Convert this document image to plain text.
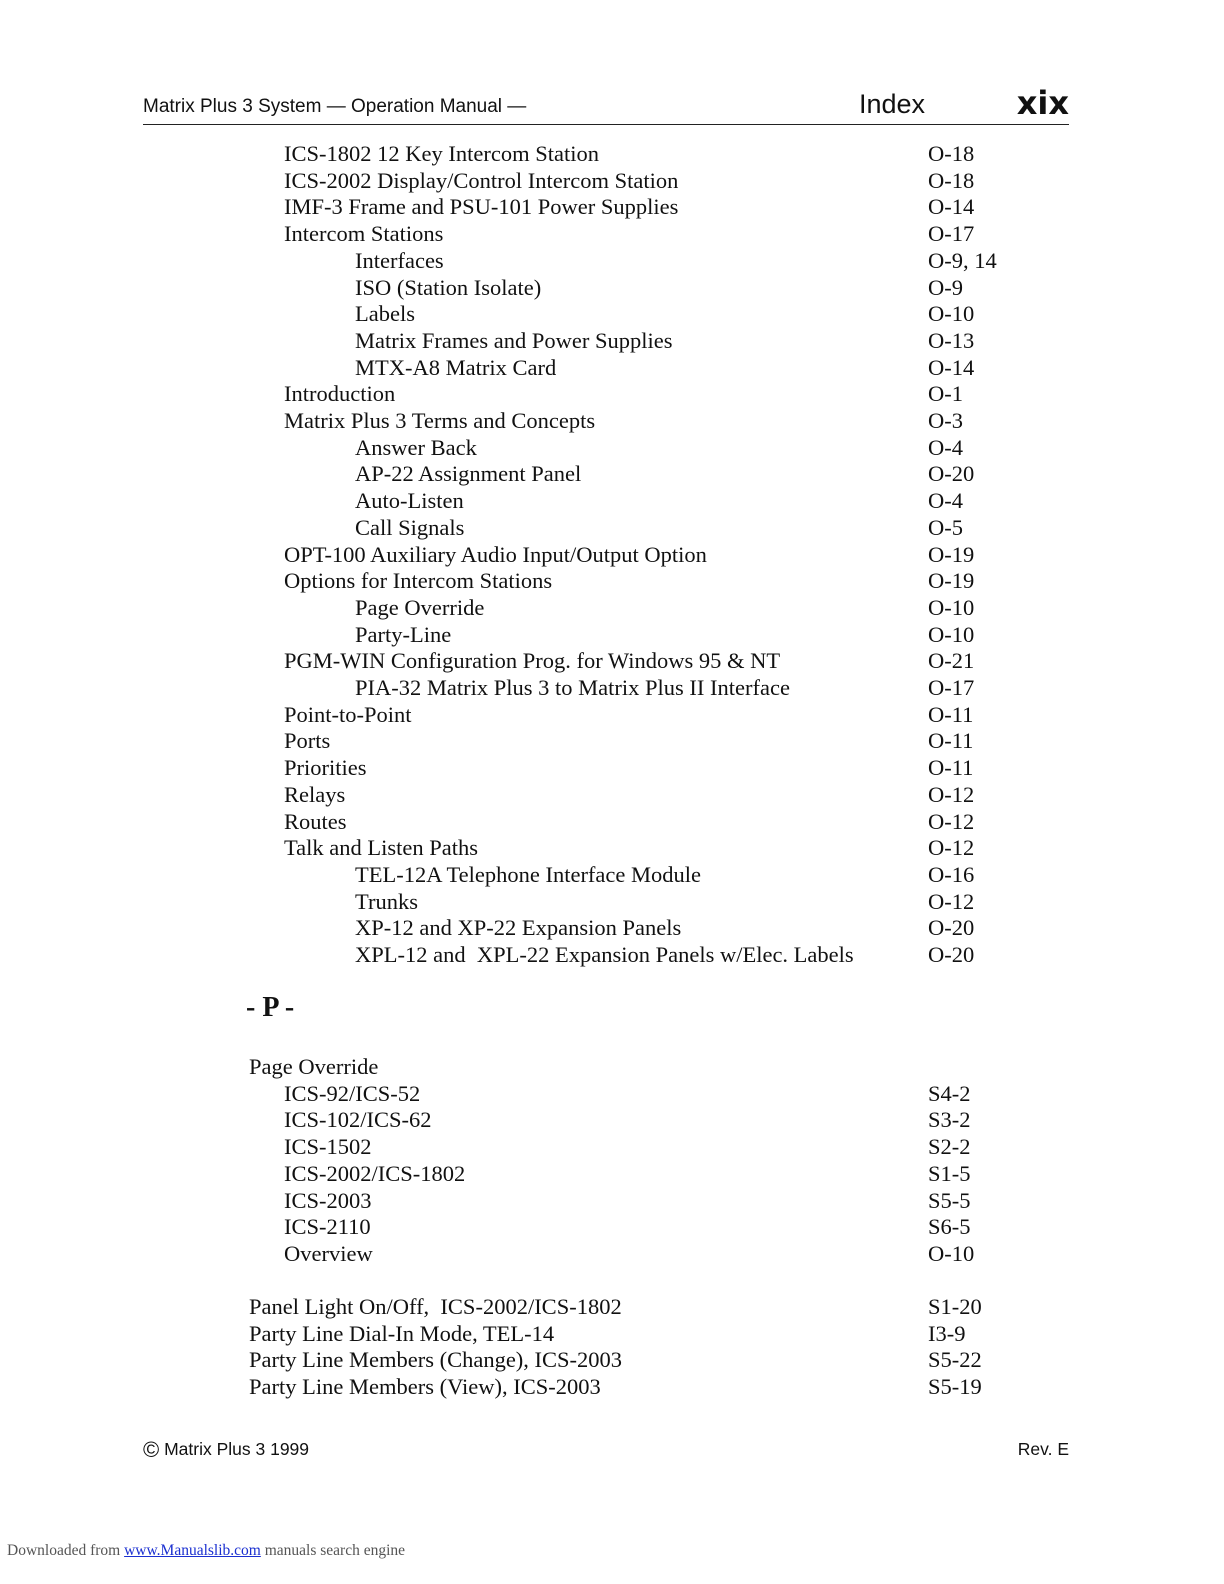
Matrix Plus 3 System — Operation Manual —	Index	xix
ICS-1802 12 Key Intercom Station	O-18
ICS-2002 Display/Control Intercom Station	O-18
IMF-3 Frame and PSU-101 Power Supplies	O-14
Intercom Stations	O-17
Interfaces	O-9, 14
ISO (Station Isolate)	O-9
Labels	O-10
Matrix Frames and Power Supplies	O-13
MTX-A8 Matrix Card	O-14
Introduction	O-1
Matrix Plus 3 Terms and Concepts	O-3
Answer Back	O-4
AP-22 Assignment Panel	O-20
Auto-Listen	O-4
Call Signals	O-5
OPT-100 Auxiliary Audio Input/Output Option	O-19
Options for Intercom Stations	O-19
Page Override	O-10
Party-Line	O-10
PGM-WIN Configuration Prog. for Windows 95 & NT	O-21
PIA-32 Matrix Plus 3 to Matrix Plus II Interface	O-17
Point-to-Point	O-11
Ports	O-11
Priorities	O-11
Relays	O-12
Routes	O-12
Talk and Listen Paths	O-12
TEL-12A Telephone Interface Module	O-16
Trunks	O-12
XP-12 and XP-22 Expansion Panels	O-20
XPL-12 and  XPL-22 Expansion Panels w/Elec. Labels	O-20
- P -
Page Override
ICS-92/ICS-52	S4-2
ICS-102/ICS-62	S3-2
ICS-1502	S2-2
ICS-2002/ICS-1802	S1-5
ICS-2003	S5-5
ICS-2110	S6-5
Overview	O-10
Panel Light On/Off,  ICS-2002/ICS-1802	S1-20
Party Line Dial-In Mode, TEL-14	I3-9
Party Line Members (Change), ICS-2003	S5-22
Party Line Members (View), ICS-2003	S5-19
© Matrix Plus 3 1999	Rev. E
Downloaded from www.Manualslib.com manuals search engine
